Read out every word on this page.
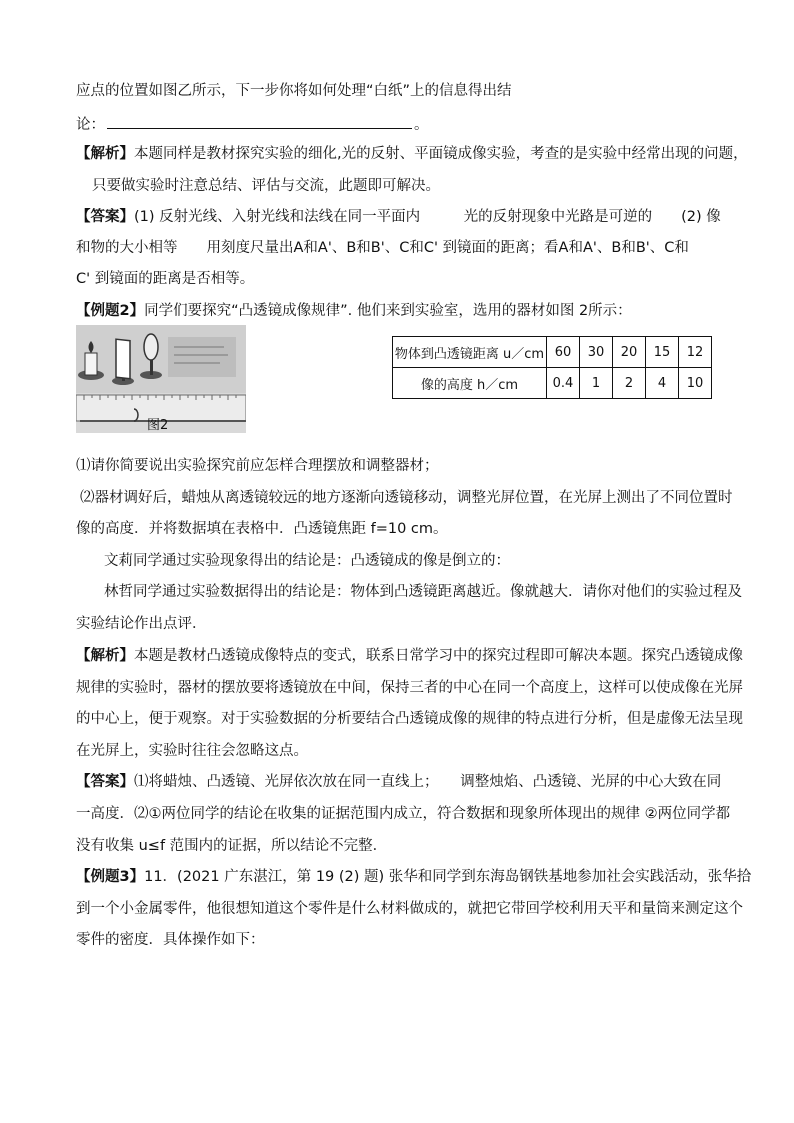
应点的位置如图乙所示，下一步你将如何处理“白纸”上的信息得出结
论：	。
【解析】本题同样是教材探究实验的细化,光的反射、平面镜成像实验，考查的是实验中经常出现的问题，
只要做实验时注意总结、评估与交流，此题即可解决。
【答案】(1) 反射光线、入射光线和法线在同一平面内　　　光的反射现象中光路是可逆的　　(2) 像
和物的大小相等　　用刻度尺量出A和A'、B和B'、C和C' 到镜面的距离；看A和A'、B和B'、C和
C' 到镜面的距离是否相等。
【例题2】同学们要探究“凸透镜成像规律”. 他们来到实验室，选用的器材如图 2所示：
图2
物体到凸透镜距离 u／cm	60	30	20	15	12
像的高度 h／cm	0.4	1	2	4	10
⑴请你简要说出实验探究前应怎样合理摆放和调整器材；
⑵器材调好后，蜡烛从离透镜较远的地方逐渐向透镜移动，调整光屏位置，在光屏上测出了不同位置时
像的高度．并将数据填在表格中．凸透镜焦距 f=10 cm。
文莉同学通过实验现象得出的结论是：凸透镜成的像是倒立的：
林哲同学通过实验数据得出的结论是：物体到凸透镜距离越近。像就越大．请你对他们的实验过程及
实验结论作出点评．
【解析】本题是教材凸透镜成像特点的变式，联系日常学习中的探究过程即可解决本题。探究凸透镜成像
规律的实验时，器材的摆放要将透镜放在中间，保持三者的中心在同一个高度上，这样可以使成像在光屏
的中心上，便于观察。对于实验数据的分析要结合凸透镜成像的规律的特点进行分析，但是虚像无法呈现
在光屏上，实验时往往会忽略这点。
【答案】⑴将蜡烛、凸透镜、光屏依次放在同一直线上；　　调整烛焰、凸透镜、光屏的中心大致在同
一高度．⑵①两位同学的结论在收集的证据范围内成立，符合数据和现象所体现出的规律 ②两位同学都
没有收集 u≤f 范围内的证据，所以结论不完整．
【例题3】11．(2021 广东湛江，第 19 (2) 题) 张华和同学到东海岛钢铁基地参加社会实践活动，张华拾
到一个小金属零件，他很想知道这个零件是什么材料做成的，就把它带回学校利用天平和量筒来测定这个
零件的密度．具体操作如下：
